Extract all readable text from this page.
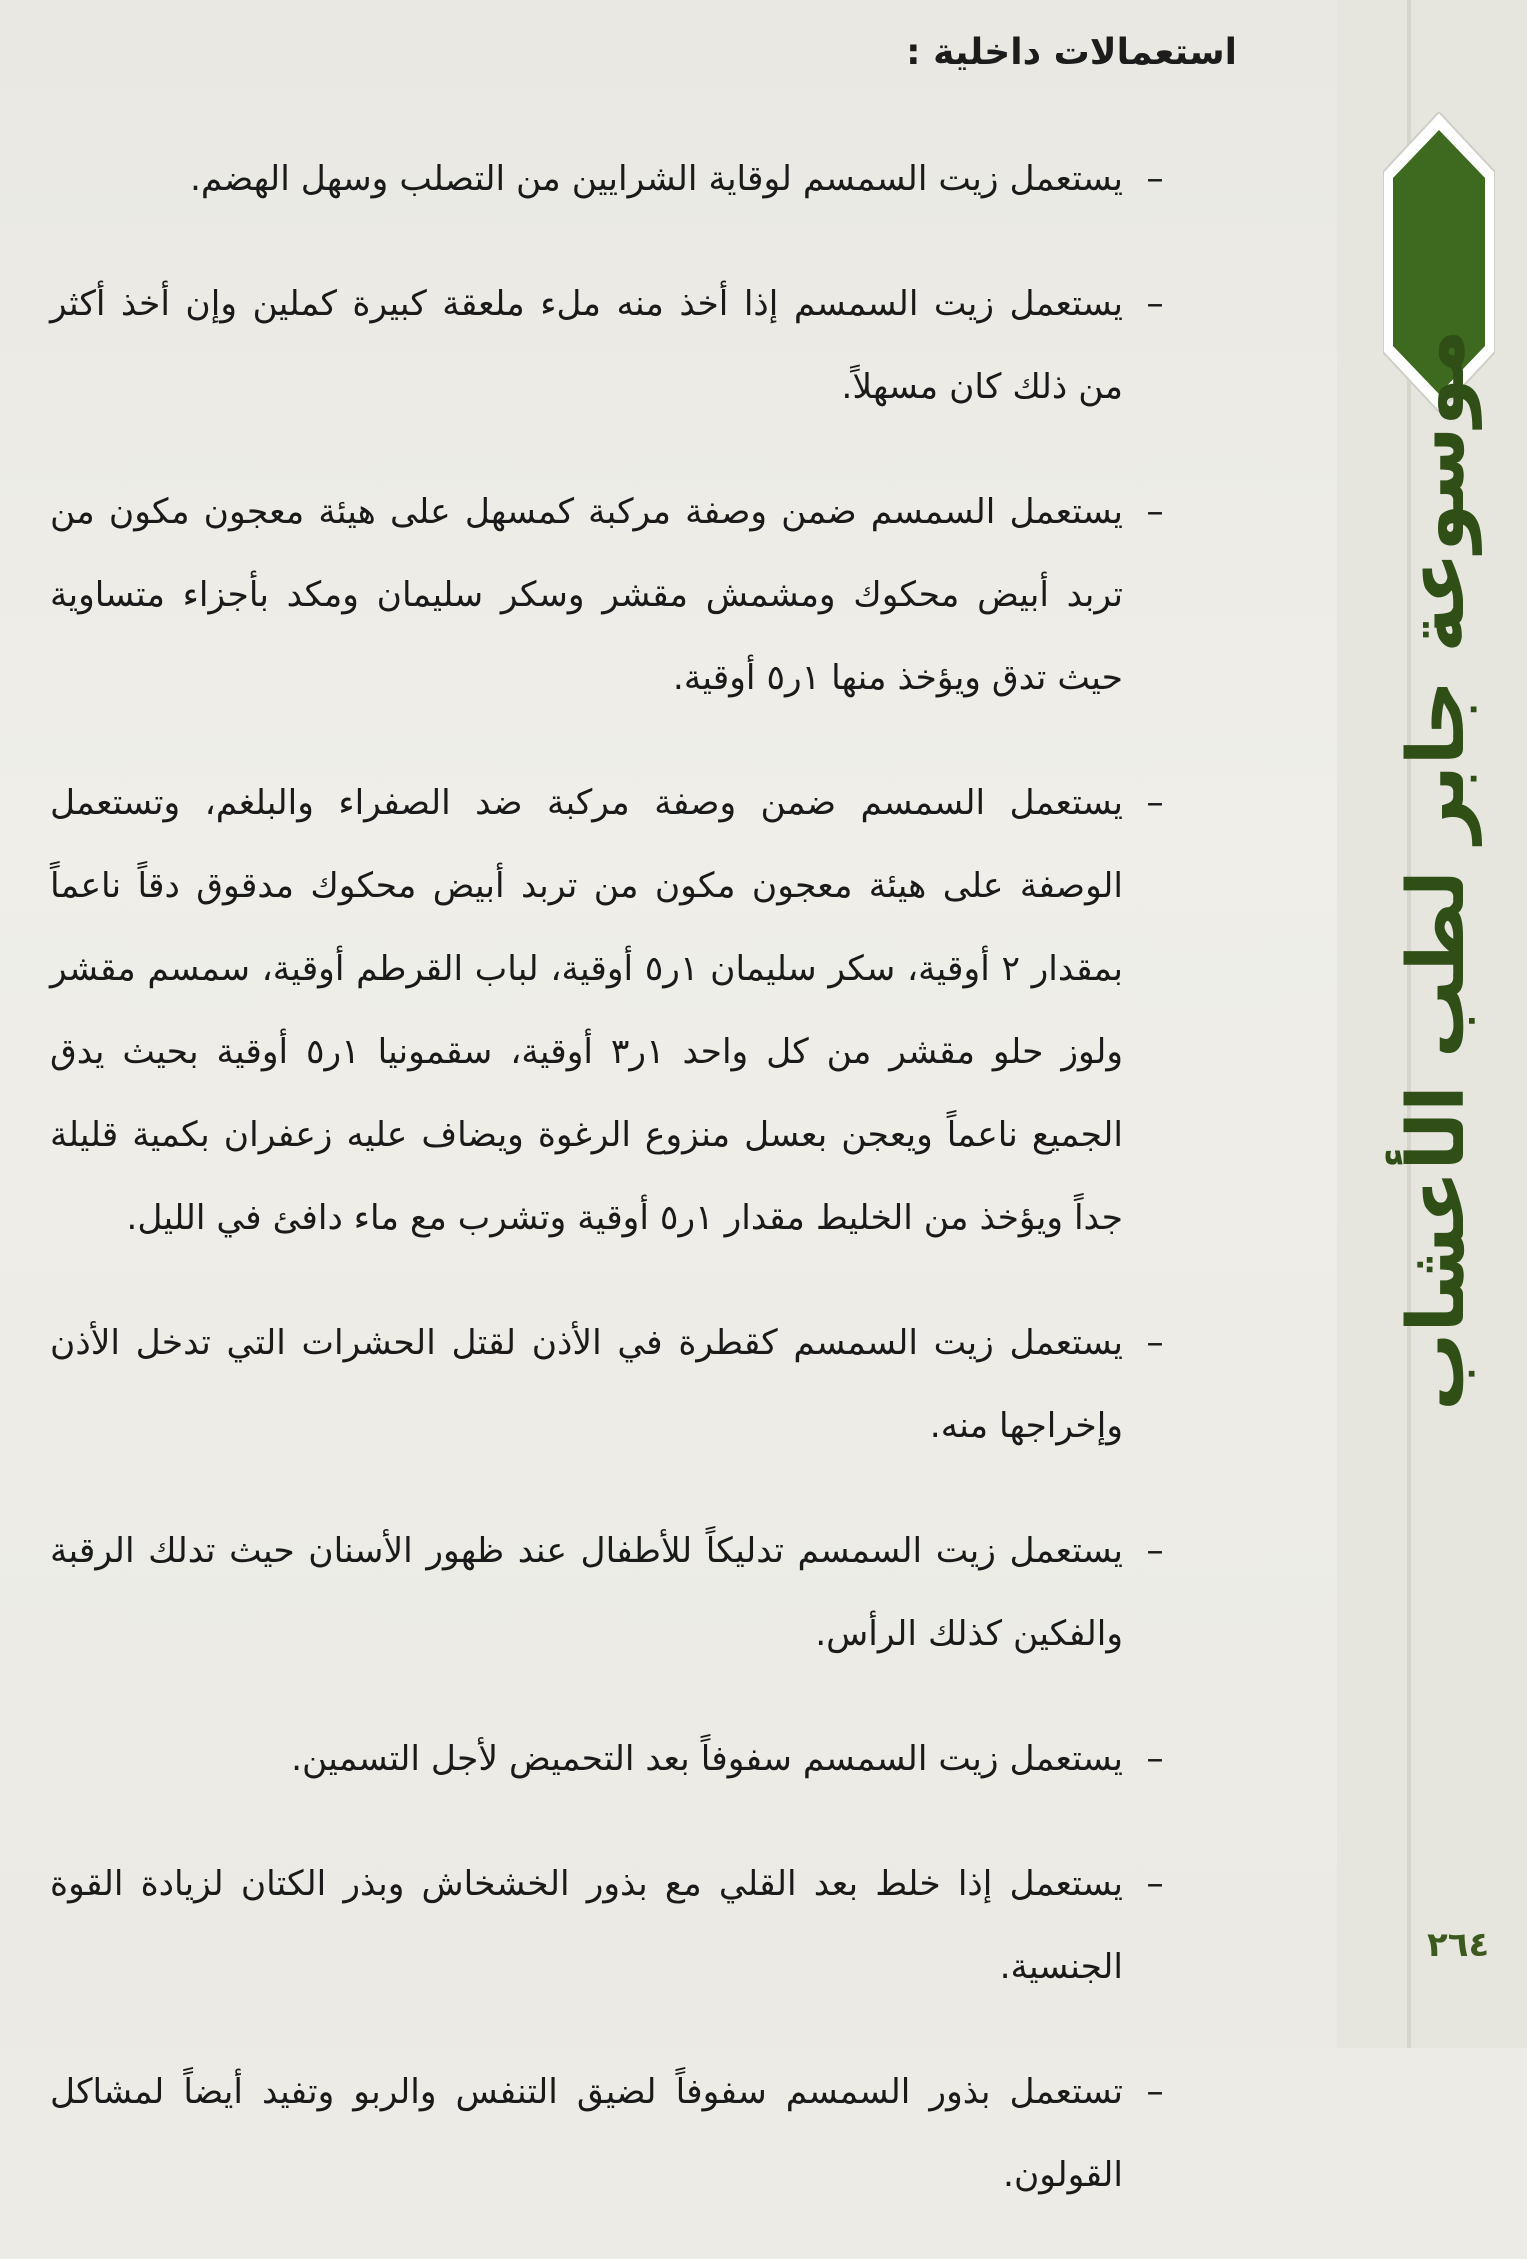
موسوعة جابر لطب الأعشاب
٢٦٤
استعمالات داخلية :
–
يستعمل زيت السمسم لوقاية الشرايين من التصلب وسهل الهضم.
–
يستعمل زيت السمسم إذا أخذ منه ملء ملعقة كبيرة كملين وإن أخذ أكثر من ذلك كان مسهلاً.
–
يستعمل السمسم ضمن وصفة مركبة كمسهل على هيئة معجون مكون من تربد أبيض محكوك ومشمش مقشر وسكر سليمان ومكد بأجزاء متساوية حيث تدق ويؤخذ منها ١ر٥ أوقية.
–
يستعمل السمسم ضمن وصفة مركبة ضد الصفراء والبلغم، وتستعمل الوصفة على هيئة معجون مكون من تربد أبيض محكوك مدقوق دقاً ناعماً بمقدار ٢ أوقية، سكر سليمان ١ر٥ أوقية، لباب القرطم أوقية، سمسم مقشر ولوز حلو مقشر من كل واحد ١ر٣ أوقية، سقمونيا ١ر٥ أوقية بحيث يدق الجميع ناعماً ويعجن بعسل منزوع الرغوة ويضاف عليه زعفران بكمية قليلة جداً ويؤخذ من الخليط مقدار ١ر٥ أوقية وتشرب مع ماء دافئ في الليل.
–
يستعمل زيت السمسم كقطرة في الأذن لقتل الحشرات التي تدخل الأذن وإخراجها منه.
–
يستعمل زيت السمسم تدليكاً للأطفال عند ظهور الأسنان حيث تدلك الرقبة والفكين كذلك الرأس.
–
يستعمل زيت السمسم سفوفاً بعد التحميض لأجل التسمين.
–
يستعمل إذا خلط بعد القلي مع بذور الخشخاش وبذر الكتان لزيادة القوة الجنسية.
–
تستعمل بذور السمسم سفوفاً لضيق التنفس والربو وتفيد أيضاً لمشاكل القولون.
